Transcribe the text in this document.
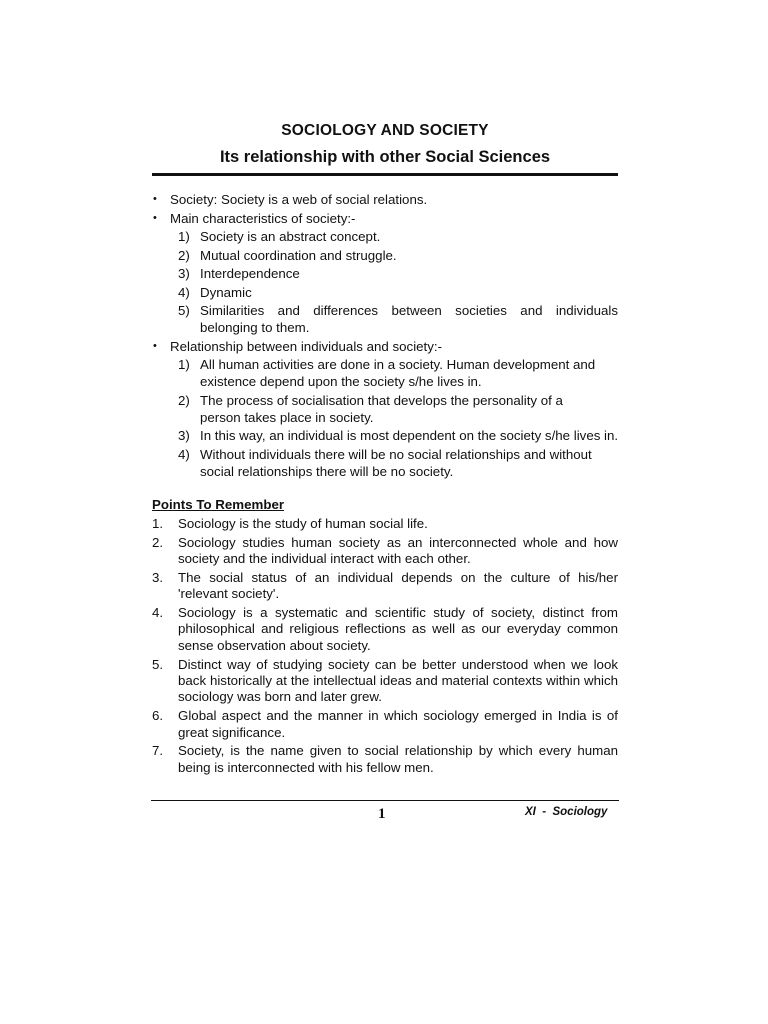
SOCIOLOGY AND SOCIETY
Its relationship with other Social Sciences
• Society: Society is a web of social relations.
• Main characteristics of society:-
1) Society is an abstract concept.
2) Mutual coordination and struggle.
3) Interdependence
4) Dynamic
5) Similarities and differences between societies and individuals belonging to them.
• Relationship between individuals and society:-
1) All human activities are done in a society. Human development and existence depend upon the society s/he lives in.
2) The process of socialisation that develops the personality of a person takes place in society.
3) In this way, an individual is most dependent on the society s/he lives in.
4) Without individuals there will be no social relationships and without social relationships there will be no society.
Points To Remember
1. Sociology is the study of human social life.
2. Sociology studies human society as an interconnected whole and how society and the individual interact with each other.
3. The social status of an individual depends on the culture of his/her 'relevant society'.
4. Sociology is a systematic and scientific study of society, distinct from philosophical and religious reflections as well as our everyday common sense observation about society.
5. Distinct way of studying society can be better understood when we look back historically at the intellectual ideas and material contexts within which sociology was born and later grew.
6. Global aspect and the manner in which sociology emerged in India is of great significance.
7. Society, is the name given to social relationship by which every human being is interconnected with his fellow men.
1	XI  -  Sociology
